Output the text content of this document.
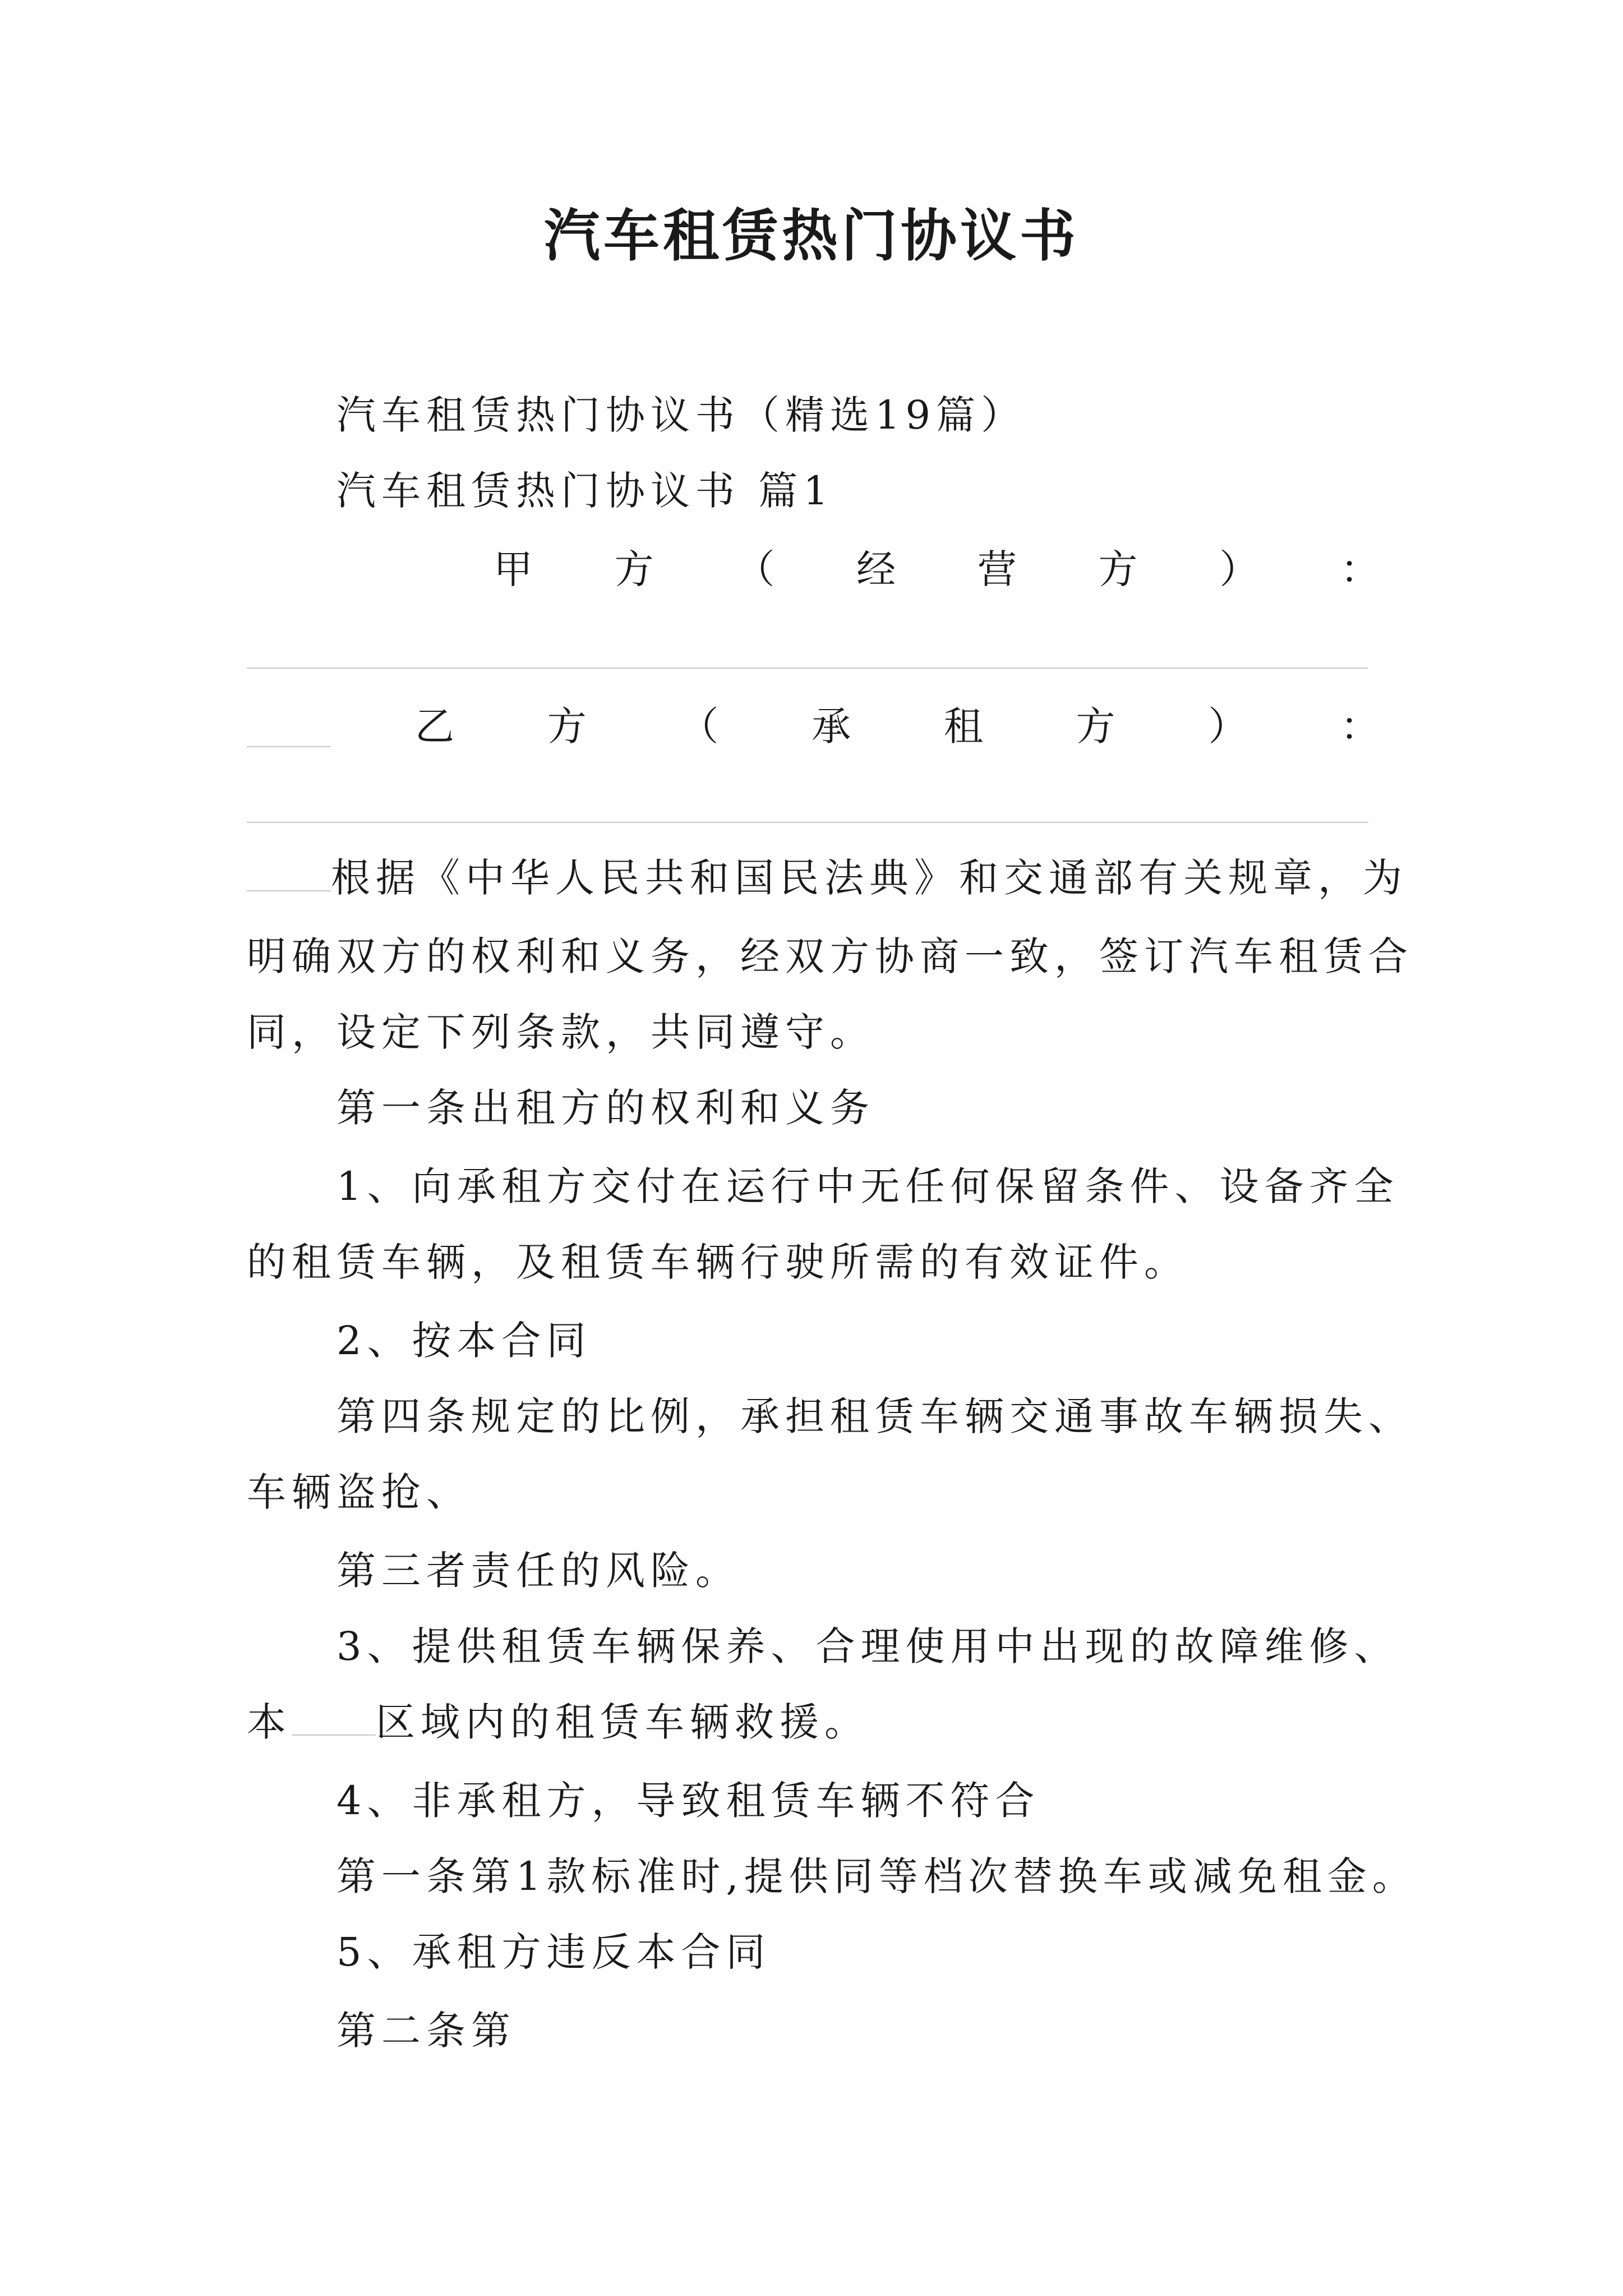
汽车租赁热门协议书
汽车租赁热门协议书（精选19篇）
汽车租赁热门协议书 篇1
甲 方 （ 经 营 方 ） ：
乙 方 （ 承 租 方 ） ：
根据《中华人民共和国民法典》和交通部有关规章，为
明确双方的权利和义务，经双方协商一致，签订汽车租赁合
同，设定下列条款，共同遵守。
第一条出租方的权利和义务
1、向承租方交付在运行中无任何保留条件、设备齐全
的租赁车辆，及租赁车辆行驶所需的有效证件。
2、按本合同
第四条规定的比例，承担租赁车辆交通事故车辆损失、
车辆盗抢、
第三者责任的风险。
3、提供租赁车辆保养、合理使用中出现的故障维修、
本 区域内的租赁车辆救援。
4、非承租方，导致租赁车辆不符合
第一条第1款标准时,提供同等档次替换车或减免租金。
5、承租方违反本合同
第二条第
